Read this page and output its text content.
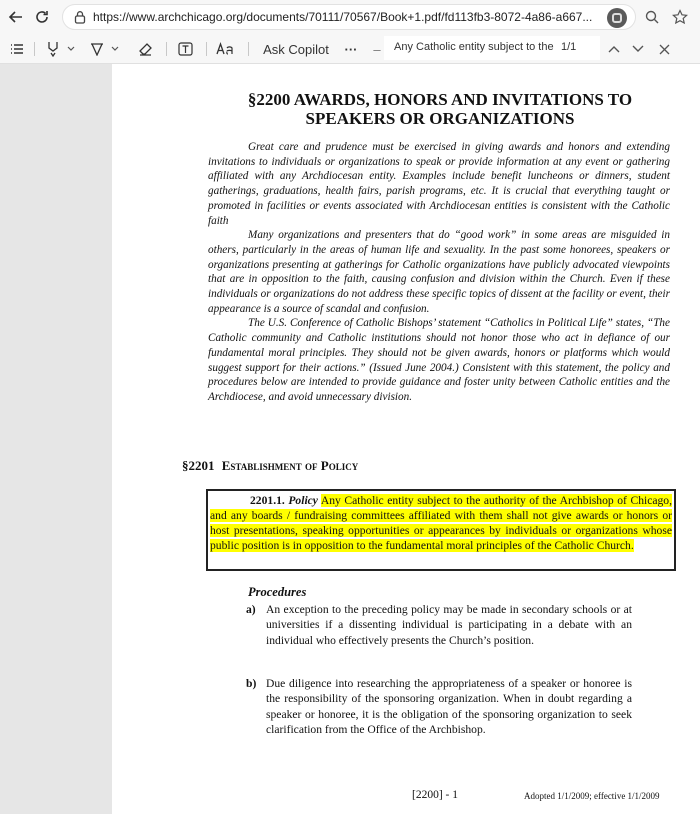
https://www.archchicago.org/documents/70111/70567/Book+1.pdf/fd113fb3-8072-4a86-a667...
Ask Copilot	···	–
Any Catholic entity subject to the a	1/1
§2200 AWARDS, HONORS AND INVITATIONS TO SPEAKERS OR ORGANIZATIONS

Great care and prudence must be exercised in giving awards and honors and extending invitations to individuals or organizations to speak or provide information at any event or gathering affiliated with any Archdiocesan entity. Examples include benefit luncheons or dinners, student gatherings, graduations, health fairs, parish programs, etc. It is crucial that everything taught or promoted in facilities or events associated with Archdiocesan entities is consistent with the Catholic faith

Many organizations and presenters that do “good work” in some areas are misguided in others, particularly in the areas of human life and sexuality. In the past some honorees, speakers or organizations presenting at gatherings for Catholic organizations have publicly advocated viewpoints that are in opposition to the faith, causing confusion and division within the Church. Even if these individuals or organizations do not address these specific topics of dissent at the facility or event, their appearance is a source of scandal and confusion.

The U.S. Conference of Catholic Bishops’ statement “Catholics in Political Life” states, “The Catholic community and Catholic institutions should not honor those who act in defiance of our fundamental moral principles. They should not be given awards, honors or platforms which would suggest support for their actions.” (Issued June 2004.) Consistent with this statement, the policy and procedures below are intended to provide guidance and foster unity between Catholic entities and the Archdiocese, and avoid unnecessary division.

§2201 Establishment of Policy
2201.1. Policy Any Catholic entity subject to the authority of the Archbishop of Chicago, and any boards / fundraising committees affiliated with them shall not give awards or honors or host presentations, speaking opportunities or appearances by individuals or organizations whose public position is in opposition to the fundamental moral principles of the Catholic Church.
Procedures
a) An exception to the preceding policy may be made in secondary schools or at universities if a dissenting individual is participating in a debate with an individual who effectively presents the Church’s position.
b) Due diligence into researching the appropriateness of a speaker or honoree is the responsibility of the sponsoring organization. When in doubt regarding a speaker or honoree, it is the obligation of the sponsoring organization to seek clarification from the Office of the Archbishop.
[2200] - 1	Adopted 1/1/2009; effective 1/1/2009
